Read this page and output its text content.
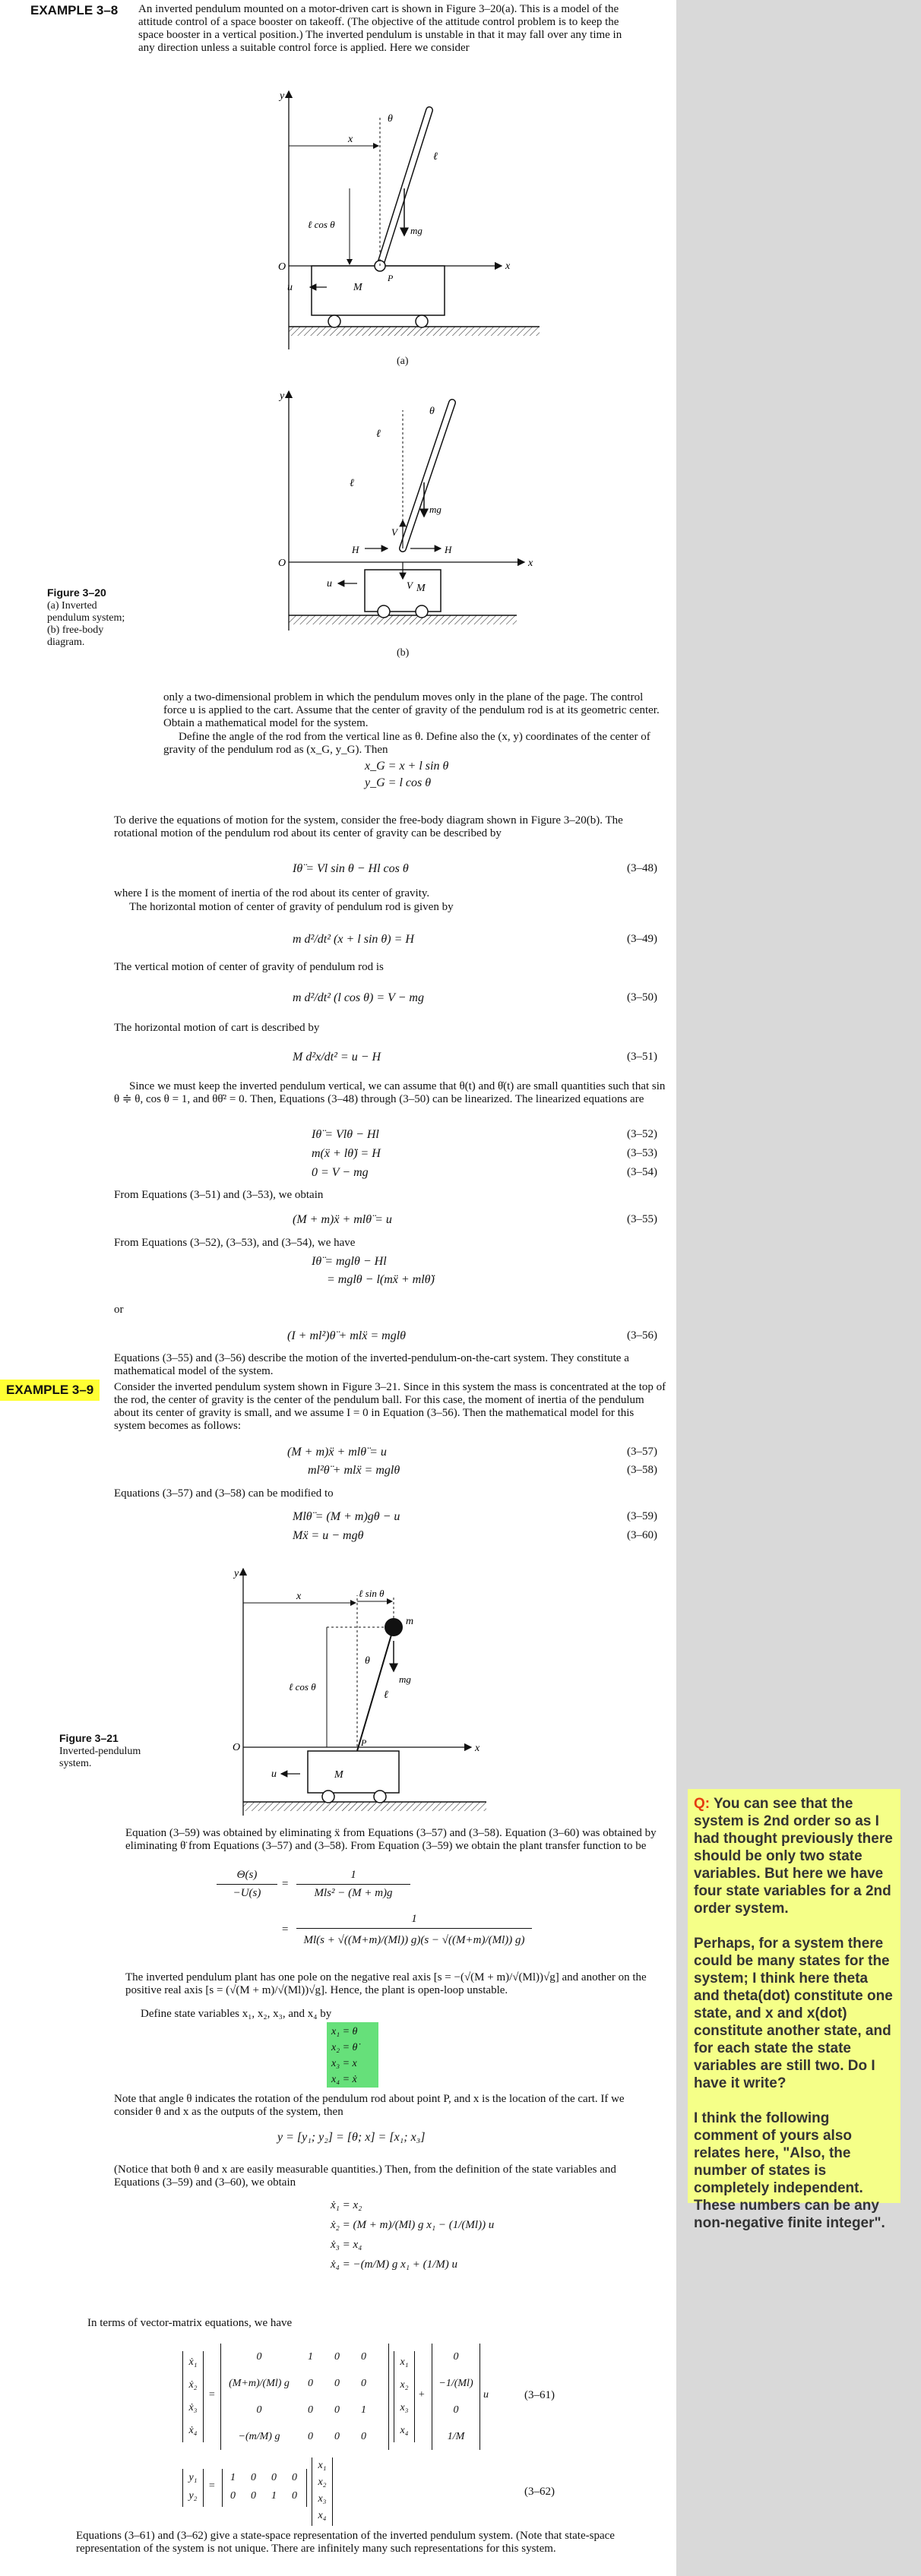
EXAMPLE 3–8 An inverted pendulum mounted on a motor-driven cart is shown in Figure 3–20(a). This is a model of the attitude control of a space booster on takeoff. (The objective of the attitude control problem is to keep the space booster in a vertical position.) The inverted pendulum is unstable in that it may fall over any time in any direction unless a suitable control force is applied. Here we consider
y
x
O
θ
ℓ
x
ℓ cos θ
mg
P
u	M
(a)
y
x
O
θ
ℓ
ℓ
V
V
mg
H	H
u	M
(b)
Figure 3–20
(a) Inverted
pendulum system;
(b) free-body
diagram.
only a two-dimensional problem in which the pendulum moves only in the plane of the page. The control force u is applied to the cart. Assume that the center of gravity of the pendulum rod is at its geometric center. Obtain a mathematical model for the system.
Define the angle of the rod from the vertical line as θ. Define also the (x, y) coordinates of the center of gravity of the pendulum rod as (x_G, y_G). Then
x_G = x + l sin θ
y_G = l cos θ
To derive the equations of motion for the system, consider the free-body diagram shown in Figure 3–20(b). The rotational motion of the pendulum rod about its center of gravity can be described by
Iθ̈ = Vl sin θ − Hl cos θ	(3–48)
where I is the moment of inertia of the rod about its center of gravity.
The horizontal motion of center of gravity of pendulum rod is given by
m d²/dt² (x + l sin θ) = H	(3–49)
The vertical motion of center of gravity of pendulum rod is
m d²/dt² (l cos θ) = V − mg	(3–50)
The horizontal motion of cart is described by
M d²x/dt² = u − H	(3–51)
Since we must keep the inverted pendulum vertical, we can assume that θ(t) and θ̇(t) are small quantities such that sin θ ≑ θ, cos θ = 1, and θθ̇² = 0. Then, Equations (3–48) through (3–50) can be linearized. The linearized equations are
Iθ̈ = Vlθ − Hl	(3–52)
m(ẍ + lθ̈) = H	(3–53)
0 = V − mg	(3–54)
From Equations (3–51) and (3–53), we obtain
(M + m)ẍ + mlθ̈ = u	(3–55)
From Equations (3–52), (3–53), and (3–54), we have
Iθ̈ = mglθ − Hl
= mglθ − l(mẍ + mlθ̈)
or
(I + ml²)θ̈ + mlẍ = mglθ	(3–56)
Equations (3–55) and (3–56) describe the motion of the inverted-pendulum-on-the-cart system. They constitute a mathematical model of the system.
EXAMPLE 3–9	Consider the inverted pendulum system shown in Figure 3–21. Since in this system the mass is concentrated at the top of the rod, the center of gravity is the center of the pendulum ball. For this case, the moment of inertia of the pendulum about its center of gravity is small, and we assume I = 0 in Equation (3–56). Then the mathematical model for this system becomes as follows:
(M + m)ẍ + mlθ̈ = u	(3–57)
ml²θ̈ + mlẍ = mglθ	(3–58)
Equations (3–57) and (3–58) can be modified to
Mlθ̈ = (M + m)gθ − u	(3–59)
Mẍ = u − mgθ	(3–60)
y
x
O
ℓ sin θ
m
θ
ℓ
ℓ cos θ
mg
P
u	M
x
Figure 3–21
Inverted-pendulum
system.
Equation (3–59) was obtained by eliminating ẍ from Equations (3–57) and (3–58). Equation (3–60) was obtained by eliminating θ̈ from Equations (3–57) and (3–58). From Equation (3–59) we obtain the plant transfer function to be
Θ(s)
−U(s)
=
1
Mls² − (M + m)g
=
1
Ml(s + √((M+m)/(Ml)) g)(s − √((M+m)/(Ml)) g)
The inverted pendulum plant has one pole on the negative real axis [s = −(√(M + m)/√(Ml))√g] and another on the positive real axis [s = (√(M + m)/√(Ml))√g]. Hence, the plant is open-loop unstable.
Define state variables x₁, x₂, x₃, and x₄ by
x₁ = θ
x₂ = θ̇
x₃ = x
x₄ = ẋ
Note that angle θ indicates the rotation of the pendulum rod about point P, and x is the location of the cart. If we consider θ and x as the outputs of the system, then
y = [y₁; y₂] = [θ; x] = [x₁; x₃]
(Notice that both θ and x are easily measurable quantities.) Then, from the definition of the state variables and Equations (3–59) and (3–60), we obtain
ẋ₁ = x₂
ẋ₂ = (M + m)/(Ml) g x₁ − (1/(Ml)) u
ẋ₃ = x₄
ẋ₄ = −(m/M) g x₁ + (1/M) u
In terms of vector-matrix equations, we have
ẋ₁
ẋ₂
ẋ₃
ẋ₄
=
0	1	0	0
(M+m)/(Ml) g	0	0	0
0	0	0	1
−(m/M) g	0	0	0
x₁
x₂
x₃
x₄
+
0
−1/(Ml)
0
1/M
u	(3–61)
y₁
y₂
=
1	0	0	0
0	0	1	0
x₁
x₂
x₃
x₄
(3–62)
Equations (3–61) and (3–62) give a state-space representation of the inverted pendulum system. (Note that state-space representation of the system is not unique. There are infinitely many such representations for this system.
Q: You can see that the system is 2nd order so as I had thought previously there should be only two state variables. But here we have four state variables for a 2nd order system.

Perhaps, for a system there could be many states for the system; I think here theta and theta(dot) constitute one state, and x and x(dot) constitute another state, and for each state the state variables are still two. Do I have it write?

I think the following comment of yours also relates here, "Also, the number of states is completely independent. These numbers can be any non-negative finite integer".
